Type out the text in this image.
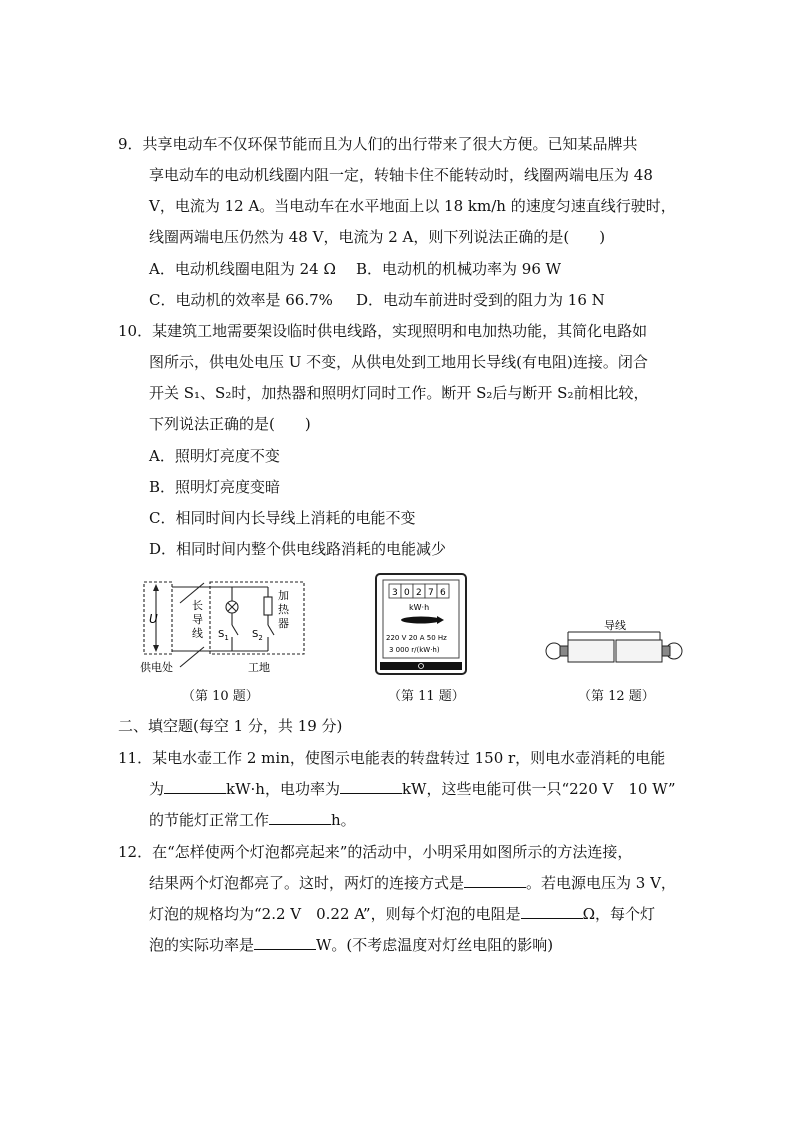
9．共享电动车不仅环保节能而且为人们的出行带来了很大方便。已知某品牌共
享电动车的电动机线圈内阻一定，转轴卡住不能转动时，线圈两端电压为 48
V，电流为 12 A。当电动车在水平地面上以 18 km/h 的速度匀速直线行驶时，
线圈两端电压仍然为 48 V，电流为 2 A，则下列说法正确的是(　　)
A．电动机线圈电阻为 24 Ω B．电动机的机械功率为 96 W
C．电动机的效率是 66.7% D．电动车前进时受到的阻力为 16 N
10．某建筑工地需要架设临时供电线路，实现照明和电加热功能，其简化电路如
图所示，供电处电压 U 不变，从供电处到工地用长导线(有电阻)连接。闭合
开关 S₁、S₂时，加热器和照明灯同时工作。断开 S₂后与断开 S₂前相比较，
下列说法正确的是(　　)
A．照明灯亮度不变
B．照明灯亮度变暗
C．相同时间内长导线上消耗的电能不变
D．相同时间内整个供电线路消耗的电能减少
U
长
导
线
加
热
器
$S_1$ $S_2$
供电处	工地
（第 10 题）
3 0 2 7 6
kW·h
220 V 20 A 50 Hz
3 000 r/(kW·h)
（第 11 题）
导线
（第 12 题）
二、填空题(每空 1 分，共 19 分)
11．某电水壶工作 2 min，使图示电能表的转盘转过 150 r，则电水壶消耗的电能
为	kW·h，电功率为	kW，这些电能可供一只“220 V　10 W”
的节能灯正常工作	h。
12．在“怎样使两个灯泡都亮起来”的活动中，小明采用如图所示的方法连接，
结果两个灯泡都亮了。这时，两灯的连接方式是	。若电源电压为 3 V，
灯泡的规格均为“2.2 V　0.22 A”，则每个灯泡的电阻是	Ω，每个灯
泡的实际功率是	W。(不考虑温度对灯丝电阻的影响)
